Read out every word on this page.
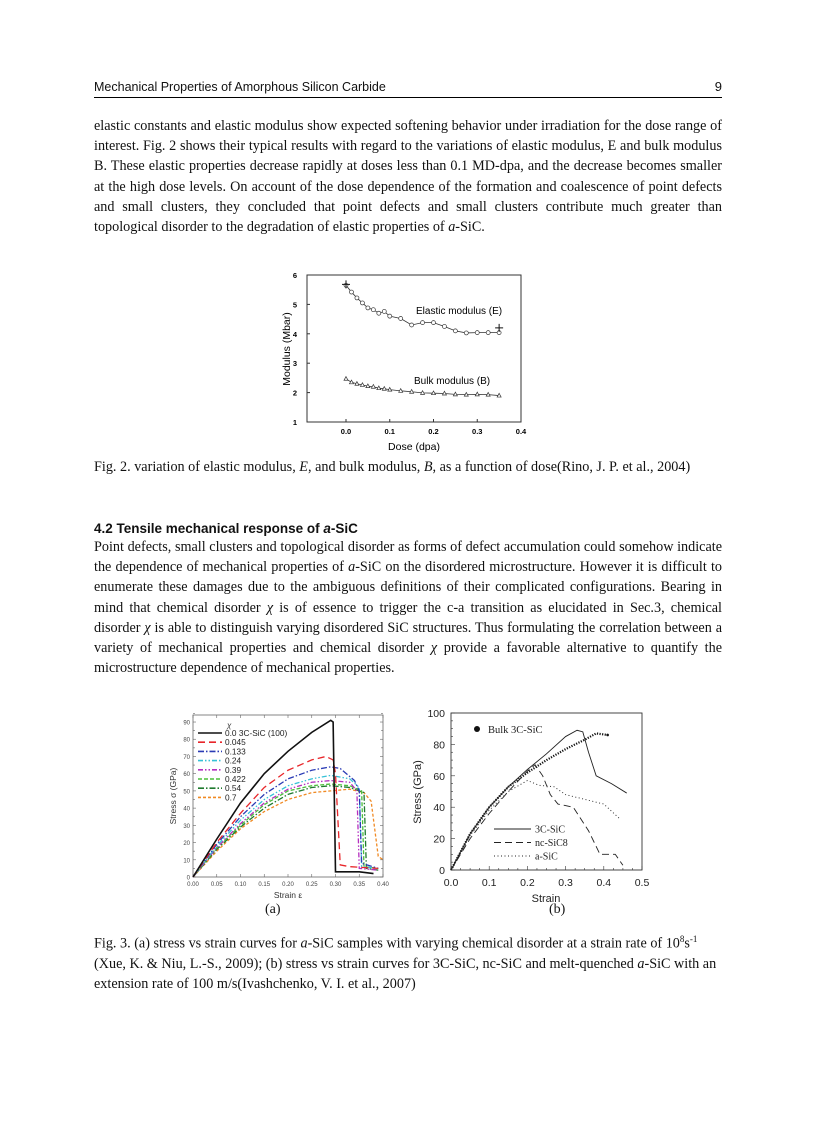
Mechanical Properties of Amorphous Silicon Carbide	9

elastic constants and elastic modulus show expected softening behavior under irradiation for the dose range of interest. Fig. 2 shows their typical results with regard to the variations of elastic modulus, E and bulk modulus B. These elastic properties decrease rapidly at doses less than 0.1 MD-dpa, and the decrease becomes smaller at the high dose levels. On account of the dose dependence of the formation and coalescence of point defects and small clusters, they concluded that point defects and small clusters contribute much greater than topological disorder to the degradation of elastic properties of a-SiC.

1
2
3
4
5
6
0.0	0.1	0.2	0.3	0.4
Dose (dpa)
Modulus (Mbar)
Elastic modulus (E)
Bulk modulus (B)

Fig. 2. variation of elastic modulus, E, and bulk modulus, B, as a function of dose(Rino, J. P. et al., 2004)

4.2 Tensile mechanical response of a-SiC

Point defects, small clusters and topological disorder as forms of defect accumulation could somehow indicate the dependence of mechanical properties of a-SiC on the disordered microstructure. However it is difficult to enumerate these damages due to the ambiguous definitions of their complicated configurations. Bearing in mind that chemical disorder χ is of essence to trigger the c-a transition as elucidated in Sec.3, chemical disorder χ is able to distinguish varying disordered SiC structures. Thus formulating the correlation between a variety of mechanical properties and chemical disorder χ provide a favorable alternative to quantify the microstructure dependence of mechanical properties.

0
10
20
30
40
50
60
70
80
90
0.00 0.05 0.10 0.15 0.20 0.25 0.30 0.35 0.40
Strain ε
Stress σ (GPa)
χ
0.0 3C-SiC (100)
0.045
0.133
0.24
0.39
0.422
0.54
0.7
0
20
40
60
80
100
0.0 0.1 0.2 0.3 0.4 0.5
Strain
Stress (GPa)
Bulk 3C-SiC
3C-SiC
nc-SiC8
a-SiC
(a)	(b)

Fig. 3. (a) stress vs strain curves for a-SiC samples with varying chemical disorder at a strain rate of $10^8s^{-1}$ (Xue, K. & Niu, L.-S., 2009); (b) stress vs strain curves for 3C-SiC, nc-SiC and melt-quenched a-SiC with an extension rate of 100 m/s(Ivashchenko, V. I. et al., 2007)
